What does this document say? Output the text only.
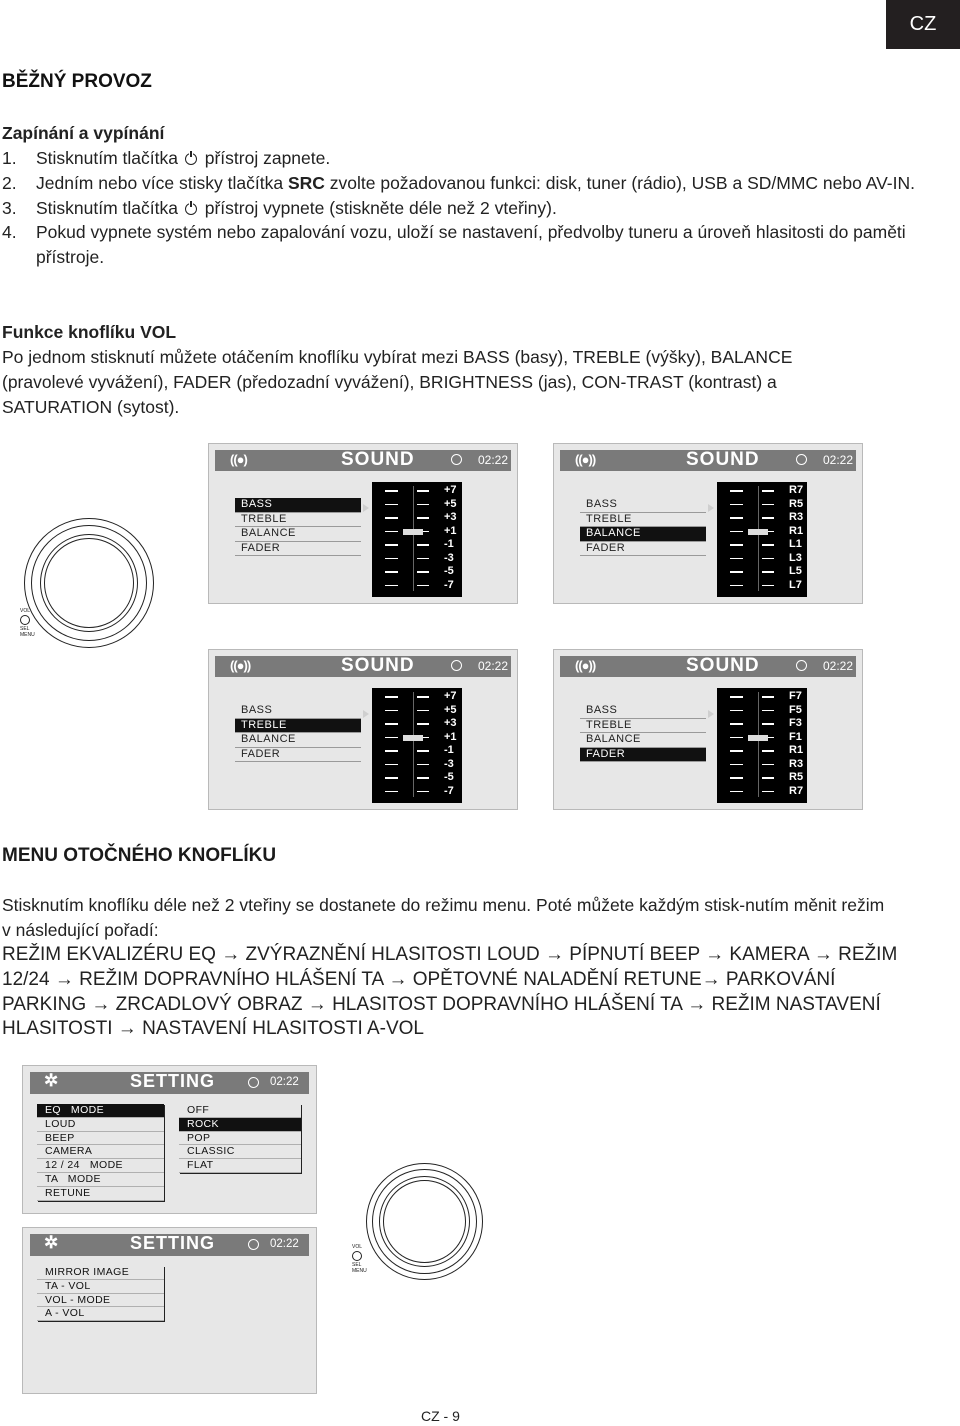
CZ
BĚŽNÝ PROVOZ
Zapínání a vypínání
1.	Stisknutím tlačítka přístroj zapnete.
2.	Jedním nebo více stisky tlačítka SRC zvolte požadovanou funkci: disk, tuner (rádio), USB a SD/MMC nebo AV-IN.
3.	Stisknutím tlačítka přístroj vypnete (stiskněte déle než 2 vteřiny).
4.	Pokud vypnete systém nebo zapalování vozu, uloží se nastavení, předvolby tuneru a úroveň hlasitosti do paměti přístroje.
Funkce knoflíku VOL
Po jednom stisknutí můžete otáčením knoflíku vybírat mezi BASS (basy), TREBLE (výšky), BALANCE (pravolevé vyvážení), FADER (předozadní vyvážení), BRIGHTNESS (jas), CON-TRAST (kontrast) a SATURATION (sytost).
VOL
SEL MENU
((●)	SOUND	02:22
BASS
TREBLE
BALANCE
FADER
+7
+5
+3
+1
-1
-3
-5
-7
((●))	SOUND	02:22
BASS
TREBLE
BALANCE
FADER
R7
R5
R3
R1
L1
L3
L5
L7
((●))	SOUND	02:22
BASS
TREBLE
BALANCE
FADER
+7
+5
+3
+1
-1
-3
-5
-7
((●))	SOUND	02:22
BASS
TREBLE
BALANCE
FADER
F7
F5
F3
F1
R1
R3
R5
R7
MENU OTOČNÉHO KNOFLÍKU
Stisknutím knoflíku déle než 2 vteřiny se dostanete do režimu menu. Poté můžete každým stisk-nutím měnit režim v následující pořadí:
REŽIM EKVALIZÉRU EQ → ZVÝRAZNĚNÍ HLASITOSTI LOUD → PÍPNUTÍ BEEP → KAMERA → REŽIM 12/24 → REŽIM DOPRAVNÍHO HLÁŠENÍ TA → OPĚTOVNÉ NALADĚNÍ RETUNE→ PARKOVÁNÍ PARKING → ZRCADLOVÝ OBRAZ → HLASITOST DOPRAVNÍHO HLÁŠENÍ TA → REŽIM NASTAVENÍ HLASITOSTI → NASTAVENÍ HLASITOSTI A-VOL
✲	SETTING	02:22
EQ   MODE
LOUD
BEEP
CAMERA
12 / 24   MODE
TA   MODE
RETUNE
OFF
ROCK
POP
CLASSIC
FLAT
VOL
SEL MENU
✲	SETTING	02:22
MIRROR IMAGE
TA - VOL
VOL - MODE
A - VOL
CZ - 9
